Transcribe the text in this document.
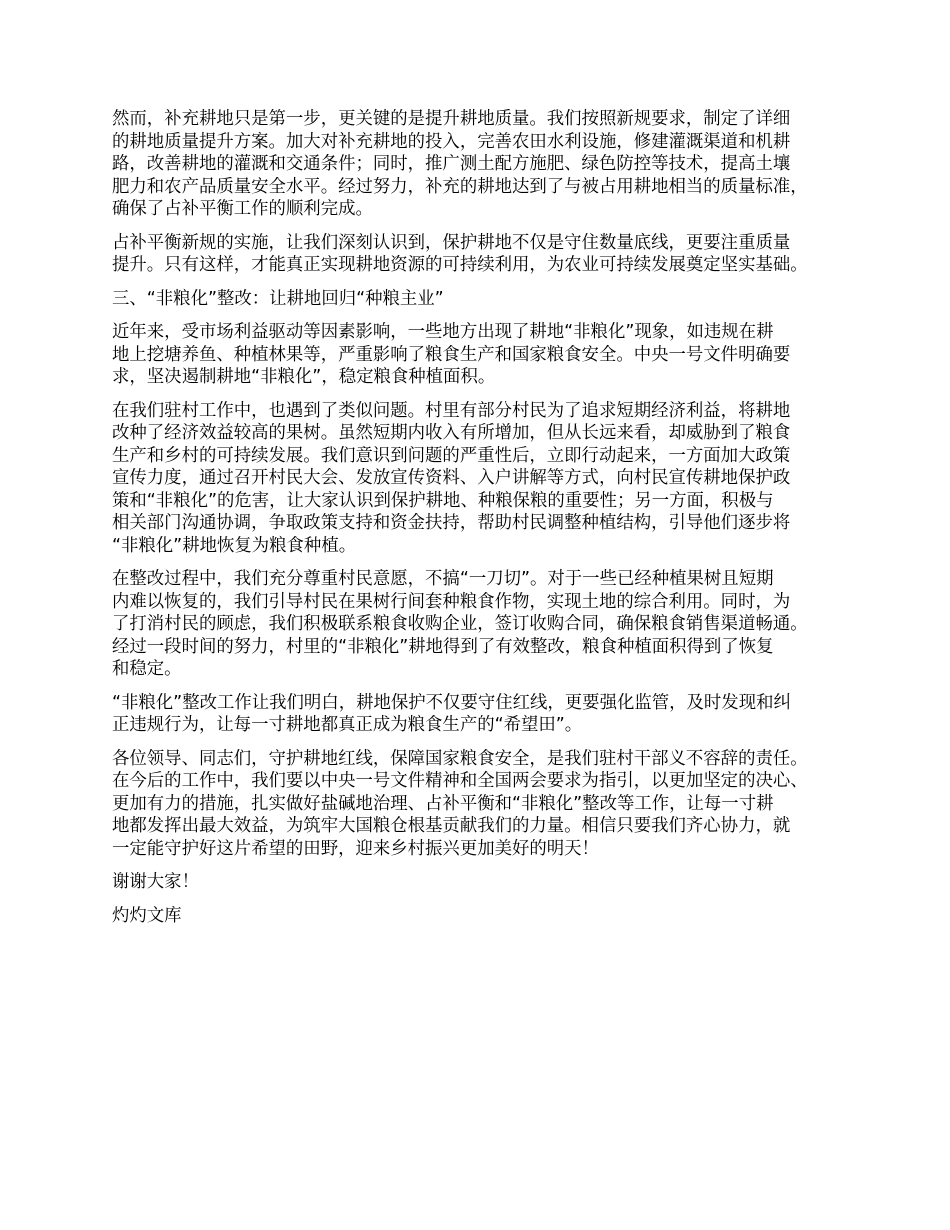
然而，补充耕地只是第一步，更关键的是提升耕地质量。我们按照新规要求，制定了详细
的耕地质量提升方案。加大对补充耕地的投入，完善农田水利设施，修建灌溉渠道和机耕
路，改善耕地的灌溉和交通条件；同时，推广测土配方施肥、绿色防控等技术，提高土壤
肥力和农产品质量安全水平。经过努力，补充的耕地达到了与被占用耕地相当的质量标准，
确保了占补平衡工作的顺利完成。
占补平衡新规的实施，让我们深刻认识到，保护耕地不仅是守住数量底线，更要注重质量
提升。只有这样，才能真正实现耕地资源的可持续利用，为农业可持续发展奠定坚实基础。
三、“非粮化”整改：让耕地回归“种粮主业”
近年来，受市场利益驱动等因素影响，一些地方出现了耕地“非粮化”现象，如违规在耕
地上挖塘养鱼、种植林果等，严重影响了粮食生产和国家粮食安全。中央一号文件明确要
求，坚决遏制耕地“非粮化”，稳定粮食种植面积。
在我们驻村工作中，也遇到了类似问题。村里有部分村民为了追求短期经济利益，将耕地
改种了经济效益较高的果树。虽然短期内收入有所增加，但从长远来看，却威胁到了粮食
生产和乡村的可持续发展。我们意识到问题的严重性后，立即行动起来，一方面加大政策
宣传力度，通过召开村民大会、发放宣传资料、入户讲解等方式，向村民宣传耕地保护政
策和“非粮化”的危害，让大家认识到保护耕地、种粮保粮的重要性；另一方面，积极与
相关部门沟通协调，争取政策支持和资金扶持，帮助村民调整种植结构，引导他们逐步将
“非粮化”耕地恢复为粮食种植。
在整改过程中，我们充分尊重村民意愿，不搞“一刀切”。对于一些已经种植果树且短期
内难以恢复的，我们引导村民在果树行间套种粮食作物，实现土地的综合利用。同时，为
了打消村民的顾虑，我们积极联系粮食收购企业，签订收购合同，确保粮食销售渠道畅通。
经过一段时间的努力，村里的“非粮化”耕地得到了有效整改，粮食种植面积得到了恢复
和稳定。
“非粮化”整改工作让我们明白，耕地保护不仅要守住红线，更要强化监管，及时发现和纠
正违规行为，让每一寸耕地都真正成为粮食生产的“希望田”。
各位领导、同志们，守护耕地红线，保障国家粮食安全，是我们驻村干部义不容辞的责任。
在今后的工作中，我们要以中央一号文件精神和全国两会要求为指引，以更加坚定的决心、
更加有力的措施，扎实做好盐碱地治理、占补平衡和“非粮化”整改等工作，让每一寸耕
地都发挥出最大效益，为筑牢大国粮仓根基贡献我们的力量。相信只要我们齐心协力，就
一定能守护好这片希望的田野，迎来乡村振兴更加美好的明天！
谢谢大家！
灼灼文库
